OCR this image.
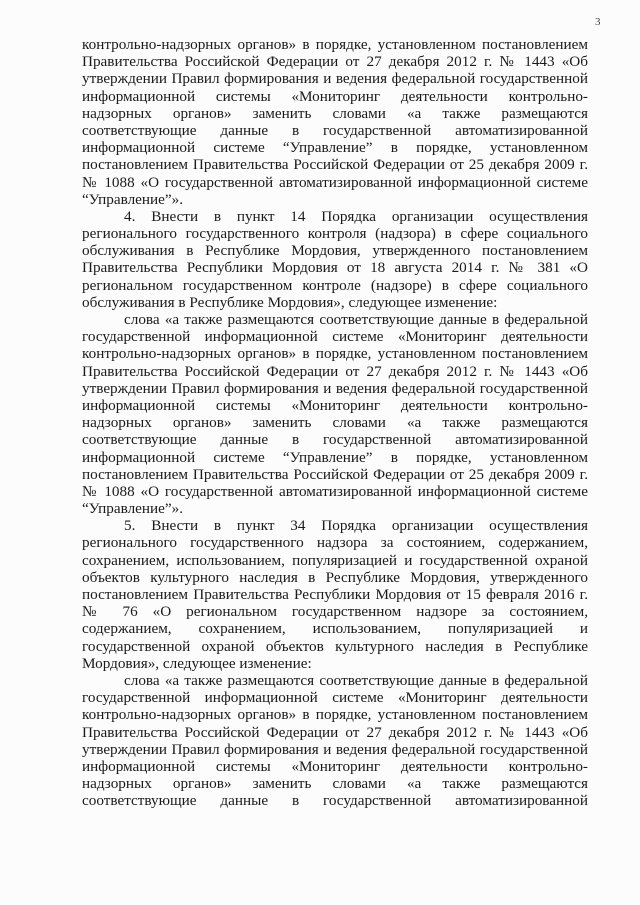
3
контрольно-надзорных органов» в порядке, установленном постановлением
Правительства Российской Федерации от 27 декабря 2012 г. № 1443 «Об
утверждении Правил формирования и ведения федеральной государственной
информационной системы «Мониторинг деятельности контрольно-
надзорных органов» заменить словами «а также размещаются
соответствующие данные в государственной автоматизированной
информационной системе “Управление” в порядке, установленном
постановлением Правительства Российской Федерации от 25 декабря 2009 г.
№ 1088 «О государственной автоматизированной информационной системе
“Управление”».
4. Внести в пункт 14 Порядка организации осуществления
регионального государственного контроля (надзора) в сфере социального
обслуживания в Республике Мордовия, утвержденного постановлением
Правительства Республики Мордовия от 18 августа 2014 г. № 381 «О
региональном государственном контроле (надзоре) в сфере социального
обслуживания в Республике Мордовия», следующее изменение:
слова «а также размещаются соответствующие данные в федеральной
государственной информационной системе «Мониторинг деятельности
контрольно-надзорных органов» в порядке, установленном постановлением
Правительства Российской Федерации от 27 декабря 2012 г. № 1443 «Об
утверждении Правил формирования и ведения федеральной государственной
информационной системы «Мониторинг деятельности контрольно-
надзорных органов» заменить словами «а также размещаются
соответствующие данные в государственной автоматизированной
информационной системе “Управление” в порядке, установленном
постановлением Правительства Российской Федерации от 25 декабря 2009 г.
№ 1088 «О государственной автоматизированной информационной системе
“Управление”».
5. Внести в пункт 34 Порядка организации осуществления
регионального государственного надзора за состоянием, содержанием,
сохранением, использованием, популяризацией и государственной охраной
объектов культурного наследия в Республике Мордовия, утвержденного
постановлением Правительства Республики Мордовия от 15 февраля 2016 г.
№ 76 «О региональном государственном надзоре за состоянием,
содержанием, сохранением, использованием, популяризацией и
государственной охраной объектов культурного наследия в Республике
Мордовия», следующее изменение:
слова «а также размещаются соответствующие данные в федеральной
государственной информационной системе «Мониторинг деятельности
контрольно-надзорных органов» в порядке, установленном постановлением
Правительства Российской Федерации от 27 декабря 2012 г. № 1443 «Об
утверждении Правил формирования и ведения федеральной государственной
информационной системы «Мониторинг деятельности контрольно-
надзорных органов» заменить словами «а также размещаются
соответствующие данные в государственной автоматизированной
